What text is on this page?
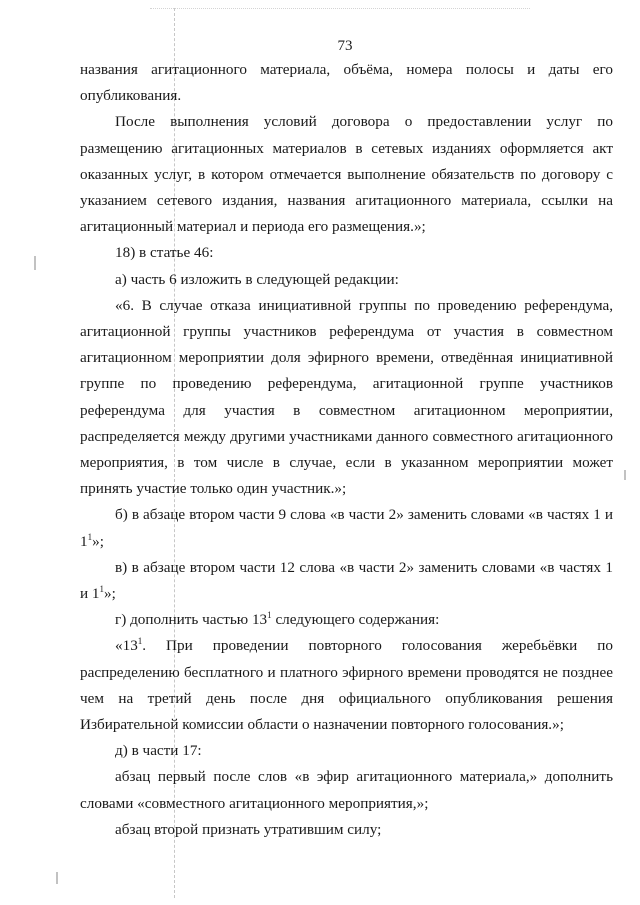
73

названия агитационного материала, объёма, номера полосы и даты его опубликования.

После выполнения условий договора о предоставлении услуг по размещению агитационных материалов в сетевых изданиях оформляется акт оказанных услуг, в котором отмечается выполнение обязательств по договору с указанием сетевого издания, названия агитационного материала, ссылки на агитационный материал и периода его размещения.»;

18) в статье 46:

а) часть 6 изложить в следующей редакции:

«6. В случае отказа инициативной группы по проведению референдума, агитационной группы участников референдума от участия в совместном агитационном мероприятии доля эфирного времени, отведённая инициативной группе по проведению референдума, агитационной группе участников референдума для участия в совместном агитационном мероприятии, распределяется между другими участниками данного совместного агитационного мероприятия, в том числе в случае, если в указанном мероприятии может принять участие только один участник.»;

б) в абзаце втором части 9 слова «в части 2» заменить словами «в частях 1 и $1^1$»;

в) в абзаце втором части 12 слова «в части 2» заменить словами «в частях 1 и $1^1$»;

г) дополнить частью $13^1$ следующего содержания:

«$13^1$. При проведении повторного голосования жеребьёвки по распределению бесплатного и платного эфирного времени проводятся не позднее чем на третий день после дня официального опубликования решения Избирательной комиссии области о назначении повторного голосования.»;

д) в части 17:

абзац первый после слов «в эфир агитационного материала,» дополнить словами «совместного агитационного мероприятия,»;

абзац второй признать утратившим силу;
